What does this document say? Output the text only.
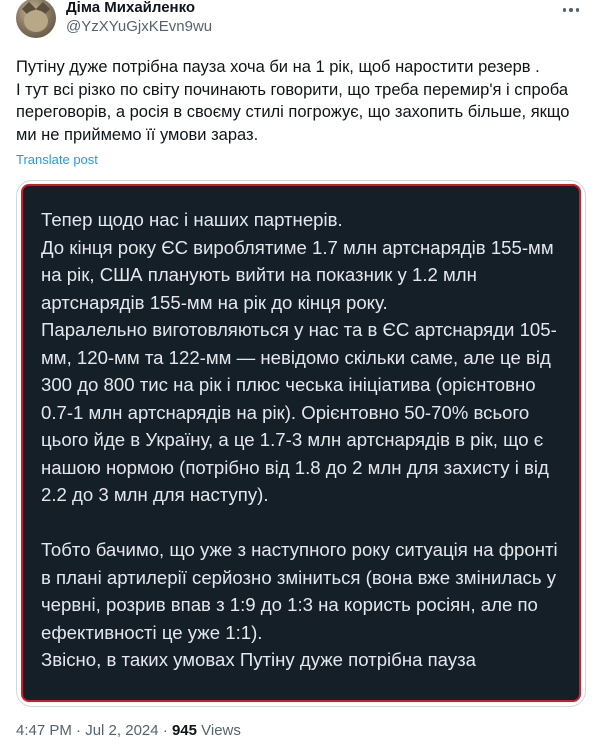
Діма Михайленко
@YzXYuGjxKEvn9wu
Путіну дуже потрібна пауза хоча би на 1 рік, щоб наростити резерв .
І тут всі різко по світу починають говорити, що треба перемир'я і спроба переговорів, а росія в своєму стилі погрожує, що захопить більше, якщо ми не приймемо її умови зараз.
Translate post
Тепер щодо нас і наших партнерів.
До кінця року ЄС вироблятиме 1.7 млн артснарядів 155-мм на рік, США планують вийти на показник у 1.2 млн артснарядів 155-мм на рік до кінця року.
Паралельно виготовляються у нас та в ЄС артснаряди 105-мм, 120-мм та 122-мм — невідомо скільки саме, але це від 300 до 800 тис на рік і плюс чеська ініціатива (орієнтовно 0.7-1 млн артснарядів на рік). Орієнтовно 50-70% всього цього йде в Україну, а це 1.7-3 млн артснарядів в рік, що є нашою нормою (потрібно від 1.8 до 2 млн для захисту і від 2.2 до 3 млн для наступу).

Тобто бачимо, що уже з наступного року ситуація на фронті в плані артилерії серйозно зміниться (вона вже змінилась у червні, розрив впав з 1:9 до 1:3 на користь росіян, але по ефективності це уже 1:1).
Звісно, в таких умовах Путіну дуже потрібна пауза
4:47 PM · Jul 2, 2024 · 945 Views
